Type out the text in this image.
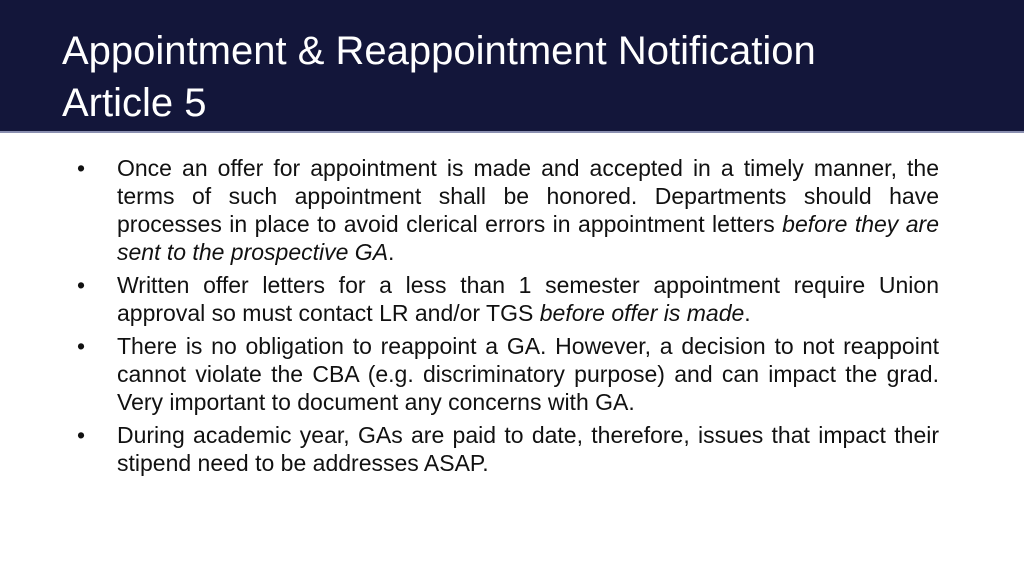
Appointment & Reappointment Notification
Article 5
•	Once an offer for appointment is made and accepted in a timely manner, the terms of such appointment shall be honored. Departments should have processes in place to avoid clerical errors in appointment letters before they are sent to the prospective GA.
•	Written offer letters for a less than 1 semester appointment require Union approval so must contact LR and/or TGS before offer is made.
•	There is no obligation to reappoint a GA. However, a decision to not reappoint cannot violate the CBA (e.g. discriminatory purpose) and can impact the grad. Very important to document any concerns with GA.
•	During academic year, GAs are paid to date, therefore, issues that impact their stipend need to be addresses ASAP.
